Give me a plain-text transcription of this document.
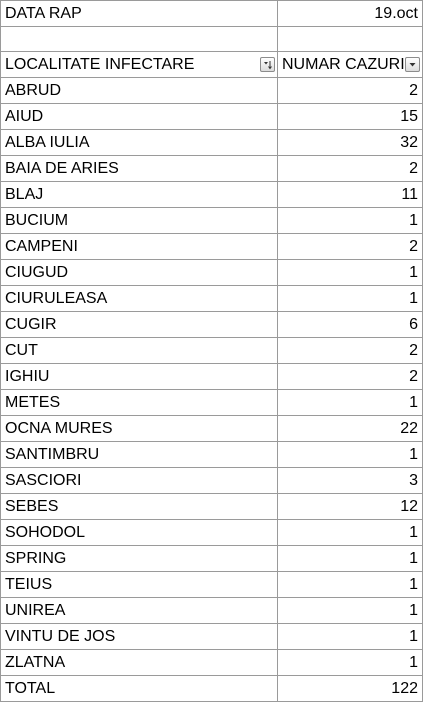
DATA RAP	19.oct

LOCALITATE INFECTARE	NUMAR CAZURI

ABRUD	2
AIUD	15
ALBA IULIA	32
BAIA DE ARIES	2
BLAJ	11
BUCIUM	1
CAMPENI	2
CIUGUD	1
CIURULEASA	1
CUGIR	6
CUT	2
IGHIU	2
METES	1
OCNA MURES	22
SANTIMBRU	1
SASCIORI	3
SEBES	12
SOHODOL	1
SPRING	1
TEIUS	1
UNIREA	1
VINTU DE JOS	1
ZLATNA	1
TOTAL	122
